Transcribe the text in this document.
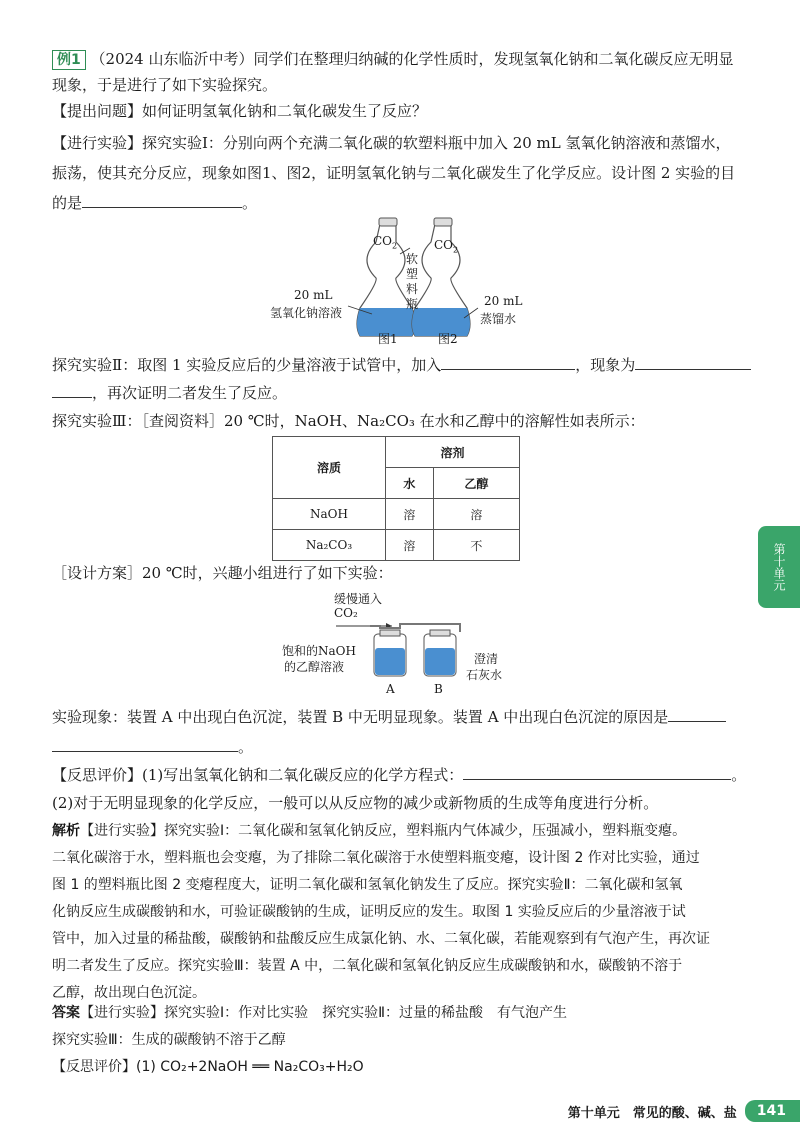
例1 （2024 山东临沂中考）同学们在整理归纳碱的化学性质时，发现氢氧化钠和二氧化碳反应无明显
现象，于是进行了如下实验探究。
【提出问题】如何证明氢氧化钠和二氧化碳发生了反应？
【进行实验】探究实验Ⅰ：分别向两个充满二氧化碳的软塑料瓶中加入 20 mL 氢氧化钠溶液和蒸馏水，
振荡，使其充分反应，现象如图1、图2，证明氢氧化钠与二氧化碳发生了化学反应。设计图 2 实验的目
的是	。
$CO_2$	$CO_2$
软
塑
料
瓶
20 mL
氢氧化钠溶液
20 mL
蒸馏水
图1	图2
探究实验Ⅱ：取图 1 实验反应后的少量溶液于试管中，加入	，现象为
，再次证明二者发生了反应。
探究实验Ⅲ：［查阅资料］20 ℃时，NaOH、Na₂CO₃ 在水和乙醇中的溶解性如表所示：
溶质	溶剂	
	水	乙醇
NaOH	溶	溶
Na₂CO₃	溶	不
［设计方案］20 ℃时，兴趣小组进行了如下实验：
缓慢通入
CO₂
饱和的NaOH
的乙醇溶液
澄清
石灰水
A	B
实验现象：装置 A 中出现白色沉淀，装置 B 中无明显现象。装置 A 中出现白色沉淀的原因是
。
【反思评价】(1)写出氢氧化钠和二氧化碳反应的化学方程式：	。
(2)对于无明显现象的化学反应，一般可以从反应物的减少或新物质的生成等角度进行分析。
解析【进行实验】探究实验Ⅰ：二氧化碳和氢氧化钠反应，塑料瓶内气体减少，压强减小，塑料瓶变瘪。
二氧化碳溶于水，塑料瓶也会变瘪，为了排除二氧化碳溶于水使塑料瓶变瘪，设计图 2 作对比实验，通过
图 1 的塑料瓶比图 2 变瘪程度大，证明二氧化碳和氢氧化钠发生了反应。探究实验Ⅱ：二氧化碳和氢氧
化钠反应生成碳酸钠和水，可验证碳酸钠的生成，证明反应的发生。取图 1 实验反应后的少量溶液于试
管中，加入过量的稀盐酸，碳酸钠和盐酸反应生成氯化钠、水、二氧化碳，若能观察到有气泡产生，再次证
明二者发生了反应。探究实验Ⅲ：装置 A 中，二氧化碳和氢氧化钠反应生成碳酸钠和水，碳酸钠不溶于
乙醇，故出现白色沉淀。
答案【进行实验】探究实验Ⅰ：作对比实验　探究实验Ⅱ：过量的稀盐酸　有气泡产生
探究实验Ⅲ：生成的碳酸钠不溶于乙醇
【反思评价】(1) CO₂+2NaOH ══ Na₂CO₃+H₂O
第十单元
第十单元　常见的酸、碱、盐	141
